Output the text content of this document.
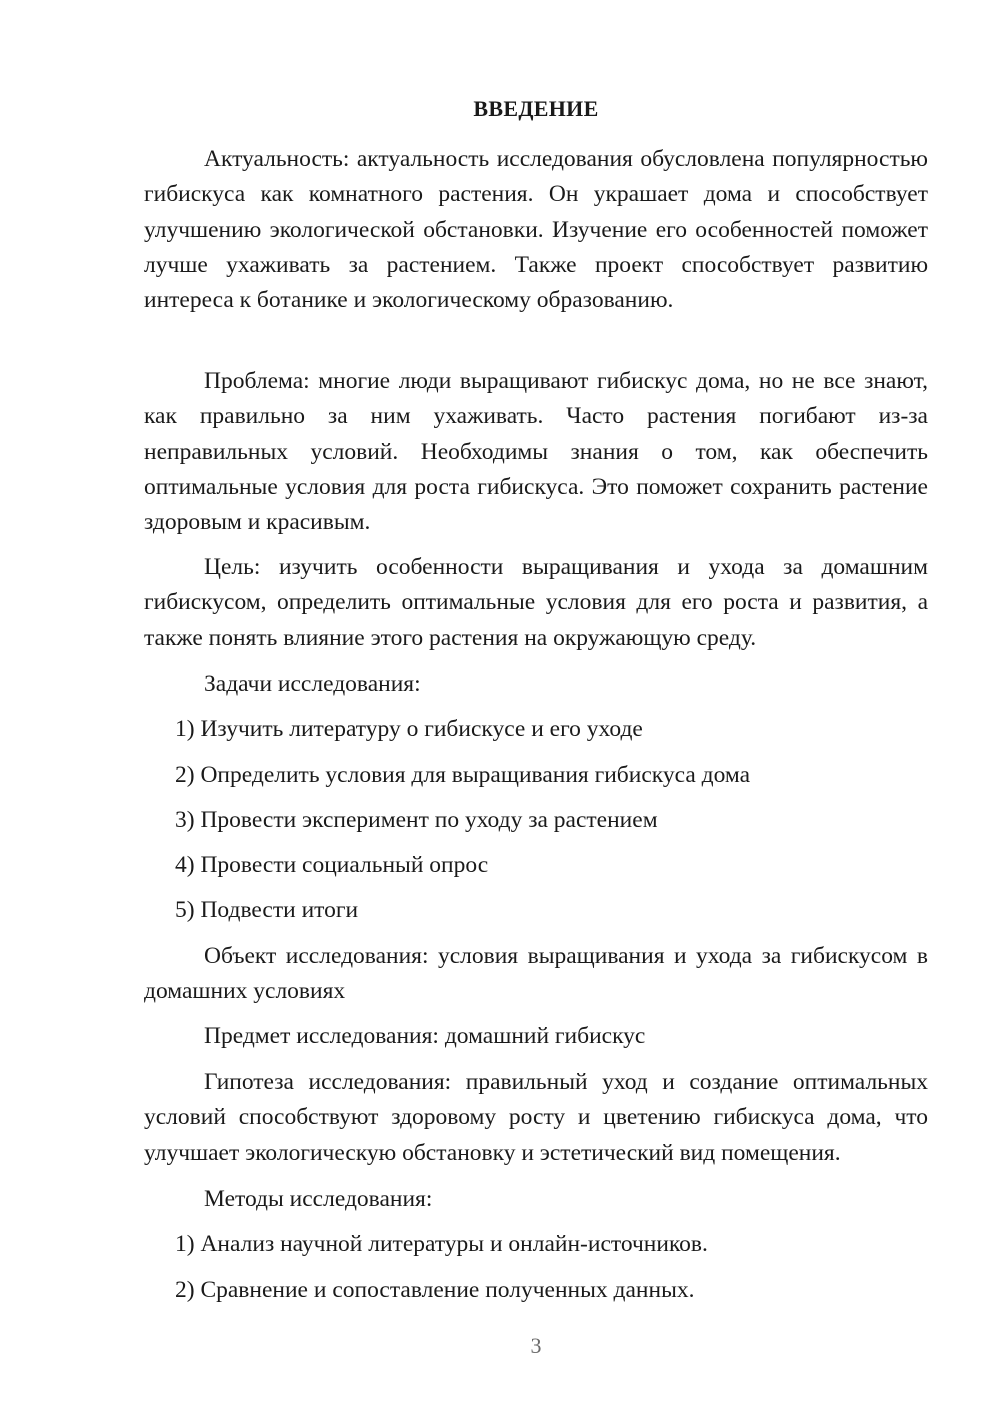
ВВЕДЕНИЕ

Актуальность: актуальность исследования обусловлена популярностью гибискуса как комнатного растения. Он украшает дома и способствует улучшению экологической обстановки. Изучение его особенностей поможет лучше ухаживать за растением. Также проект способствует развитию интереса к ботанике и экологическому образованию.

Проблема: многие люди выращивают гибискус дома, но не все знают, как правильно за ним ухаживать. Часто растения погибают из-за неправильных условий. Необходимы знания о том, как обеспечить оптимальные условия для роста гибискуса. Это поможет сохранить растение здоровым и красивым.

Цель: изучить особенности выращивания и ухода за домашним гибискусом, определить оптимальные условия для его роста и развития, а также понять влияние этого растения на окружающую среду.

Задачи исследования:

1) Изучить литературу о гибискусе и его уходе

2) Определить условия для выращивания гибискуса дома

3) Провести эксперимент по уходу за растением

4) Провести социальный опрос

5) Подвести итоги

Объект исследования: условия выращивания и ухода за гибискусом в домашних условиях

Предмет исследования: домашний гибискус

Гипотеза исследования: правильный уход и создание оптимальных условий способствуют здоровому росту и цветению гибискуса дома, что улучшает экологическую обстановку и эстетический вид помещения.

Методы исследования:

1) Анализ научной литературы и онлайн-источников.

2) Сравнение и сопоставление полученных данных.

3
